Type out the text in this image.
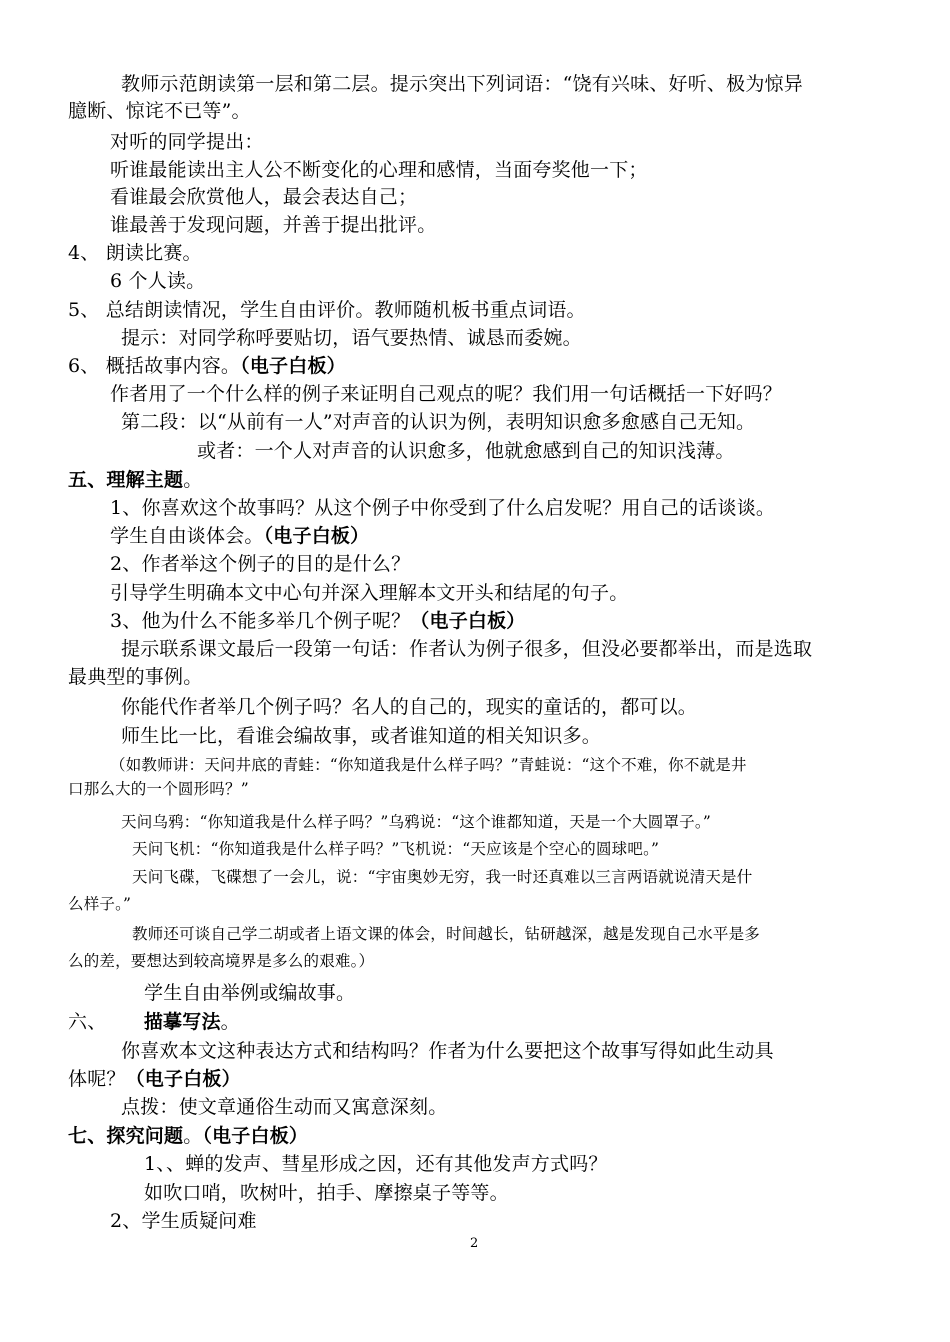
教师示范朗读第一层和第二层。提示突出下列词语：“饶有兴味、好听、极为惊异
臆断、惊诧不已等”。
对听的同学提出：
听谁最能读出主人公不断变化的心理和感情，当面夸奖他一下；
看谁最会欣赏他人，最会表达自己；
谁最善于发现问题，并善于提出批评。
4、 朗读比赛。
6 个人读。
5、 总结朗读情况，学生自由评价。教师随机板书重点词语。
提示：对同学称呼要贴切，语气要热情、诚恳而委婉。
6、 概括故事内容。（电子白板）
作者用了一个什么样的例子来证明自己观点的呢？我们用一句话概括一下好吗？
第二段：以“从前有一人”对声音的认识为例，表明知识愈多愈感自己无知。
或者：一个人对声音的认识愈多，他就愈感到自己的知识浅薄。
五、理解主题。
1、你喜欢这个故事吗？从这个例子中你受到了什么启发呢？用自己的话谈谈。
学生自由谈体会。（电子白板）
2、作者举这个例子的目的是什么？
引导学生明确本文中心句并深入理解本文开头和结尾的句子。
3、他为什么不能多举几个例子呢？（电子白板）
提示联系课文最后一段第一句话：作者认为例子很多，但没必要都举出，而是选取
最典型的事例。
你能代作者举几个例子吗？名人的自己的，现实的童话的，都可以。
师生比一比，看谁会编故事，或者谁知道的相关知识多。
（如教师讲：天问井底的青蛙：“你知道我是什么样子吗？”青蛙说：“这个不难，你不就是井
口那么大的一个圆形吗？”
天问乌鸦：“你知道我是什么样子吗？”乌鸦说：“这个谁都知道，天是一个大圆罩子。”
天问飞机：“你知道我是什么样子吗？”飞机说：“天应该是个空心的圆球吧。”
天问飞碟，飞碟想了一会儿，说：“宇宙奥妙无穷，我一时还真难以三言两语就说清天是什
么样子。”
教师还可谈自己学二胡或者上语文课的体会，时间越长，钻研越深，越是发现自己水平是多
么的差，要想达到较高境界是多么的艰难。）
学生自由举例或编故事。
六、      描摹写法。
你喜欢本文这种表达方式和结构吗？作者为什么要把这个故事写得如此生动具
体呢？（电子白板）
点拨：使文章通俗生动而又寓意深刻。
七、探究问题。（电子白板）
1、、蝉的发声、彗星形成之因，还有其他发声方式吗？
如吹口哨，吹树叶，拍手、摩擦桌子等等。
2、学生质疑问难
2
